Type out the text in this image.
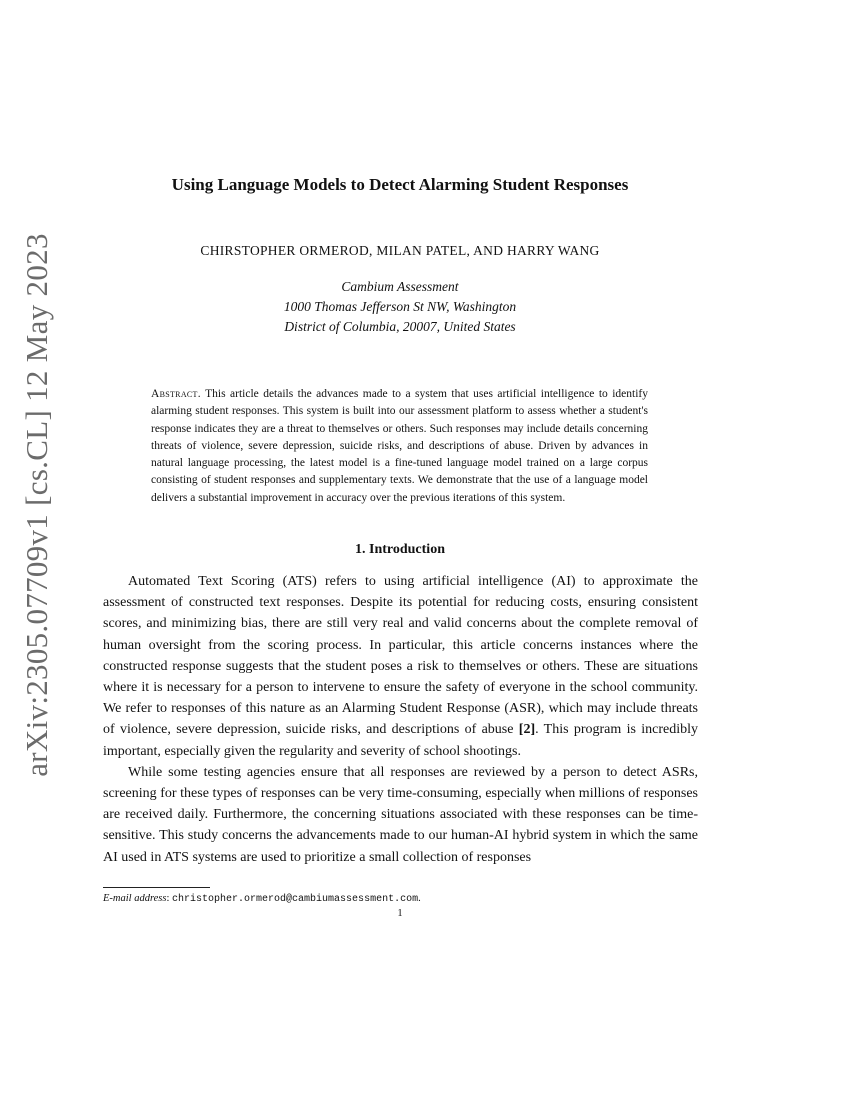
arXiv:2305.07709v1 [cs.CL] 12 May 2023
Using Language Models to Detect Alarming Student Responses
CHIRSTOPHER ORMEROD, MILAN PATEL, AND HARRY WANG
Cambium Assessment
1000 Thomas Jefferson St NW, Washington
District of Columbia, 20007, United States
Abstract. This article details the advances made to a system that uses artificial intelligence to identify alarming student responses. This system is built into our assessment platform to assess whether a student's response indicates they are a threat to themselves or others. Such responses may include details concerning threats of violence, severe depression, suicide risks, and descriptions of abuse. Driven by advances in natural language processing, the latest model is a fine-tuned language model trained on a large corpus consisting of student responses and supplementary texts. We demonstrate that the use of a language model delivers a substantial improvement in accuracy over the previous iterations of this system.
1. Introduction

Automated Text Scoring (ATS) refers to using artificial intelligence (AI) to approximate the assessment of constructed text responses. Despite its potential for reducing costs, ensuring consistent scores, and minimizing bias, there are still very real and valid concerns about the complete removal of human oversight from the scoring process. In particular, this article concerns instances where the constructed response suggests that the student poses a risk to themselves or others. These are situations where it is necessary for a person to intervene to ensure the safety of everyone in the school community. We refer to responses of this nature as an Alarming Student Response (ASR), which may include threats of violence, severe depression, suicide risks, and descriptions of abuse [2]. This program is incredibly important, especially given the regularity and severity of school shootings.

While some testing agencies ensure that all responses are reviewed by a person to detect ASRs, screening for these types of responses can be very time-consuming, especially when millions of responses are received daily. Furthermore, the concerning situations associated with these responses can be time-sensitive. This study concerns the advancements made to our human-AI hybrid system in which the same AI used in ATS systems are used to prioritize a small collection of responses

E-mail address: christopher.ormerod@cambiumassessment.com.
1
